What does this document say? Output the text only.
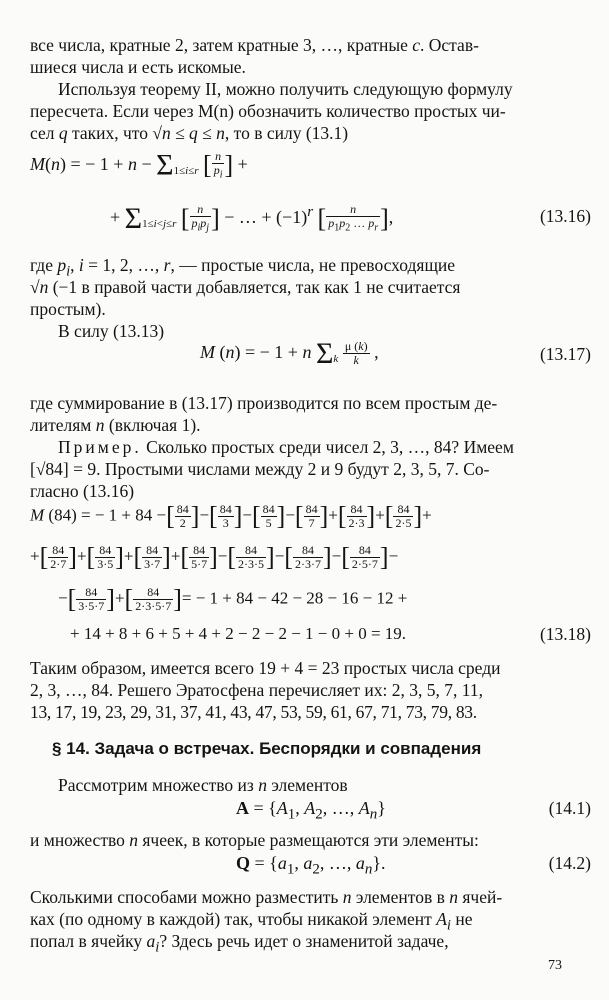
все числа, кратные 2, затем кратные 3, …, кратные c. Остав-
шиеся числа и есть искомые.
Используя теорему II, можно получить следующую формулу
пересчета. Если через M(n) обозначить количество простых чи-
сел q таких, что √n ≤ q ≤ n, то в силу (13.1)
M(n) = − $1 + n - \Sigma_{1\le i\le r}$ [ $\frac{n}{p_i}$ ] +
+ $\Sigma_{1\le i<j\le r}$ [ $\frac{n}{p_ip_j}$ ] − … + $(-1)^r$ [ $\frac{n}{p_1p_2 \dots p_r}$ ],	(13.16)
где $p_i$, i = 1, 2, …, r, — простые числа, не превосходящие
√n (−1 в правой части добавляется, так как 1 не считается
простым).
В силу (13.13)
M (n) = − 1 + n $\Sigma_k \frac{\mu (k)}{k}$ ,	(13.17)
где суммирование в (13.17) производится по всем простым де-
лителям n (включая 1).
Пример. Сколько простых среди чисел 2, 3, …, 84? Имеем
[√84] = 9. Простыми числами между 2 и 9 будут 2, 3, 5, 7. Со-
гласно (13.16)
M (84) = − 1 + 84 −[ $\frac{84}{2}$ ]−[ $\frac{84}{3}$ ]−[ $\frac{84}{5}$ ]−[ $\frac{84}{7}$ ]+[ $\frac{84}{2\cdot 3}$ ]+[ $\frac{84}{2\cdot 5}$ ]+
+[ $\frac{84}{2\cdot 7}$ ]+[ $\frac{84}{3\cdot 5}$ ]+[ $\frac{84}{3\cdot 7}$ ]+[ $\frac{84}{5\cdot 7}$ ]−[ $\frac{84}{2\cdot 3\cdot 5}$ ]−[ $\frac{84}{2\cdot 3\cdot 7}$ ]−[ $\frac{84}{2\cdot 5\cdot 7}$ ]−
−[ $\frac{84}{3\cdot 5\cdot 7}$ ]+[ $\frac{84}{2\cdot 3\cdot 5\cdot 7}$ ]= − 1 + 84 − 42 − 28 − 16 − 12 +
+ 14 + 8 + 6 + 5 + 4 + 2 − 2 − 2 − 1 − 0 + 0 = 19.	(13.18)
Таким образом, имеется всего 19 + 4 = 23 простых числа среди
2, 3, …, 84. Решего Эратосфена перечисляет их: 2, 3, 5, 7, 11,
13, 17, 19, 23, 29, 31, 37, 41, 43, 47, 53, 59, 61, 67, 71, 73, 79, 83.
§ 14. Задача о встречах. Беспорядки и совпадения
Рассмотрим множество из n элементов
$A = \{A_1$, $A_2$, …, $A_n$}	(14.1)
и множество n ячеек, в которые размещаются эти элементы:
$Q = \{a_1$, $a_2$, …, $a_n$}.	(14.2)
Сколькими способами можно разместить n элементов в n ячей-
ках (по одному в каждой) так, чтобы никакой элемент $A_i$ не
попал в ячейку $a_i$? Здесь речь идет о знаменитой задаче,
73
